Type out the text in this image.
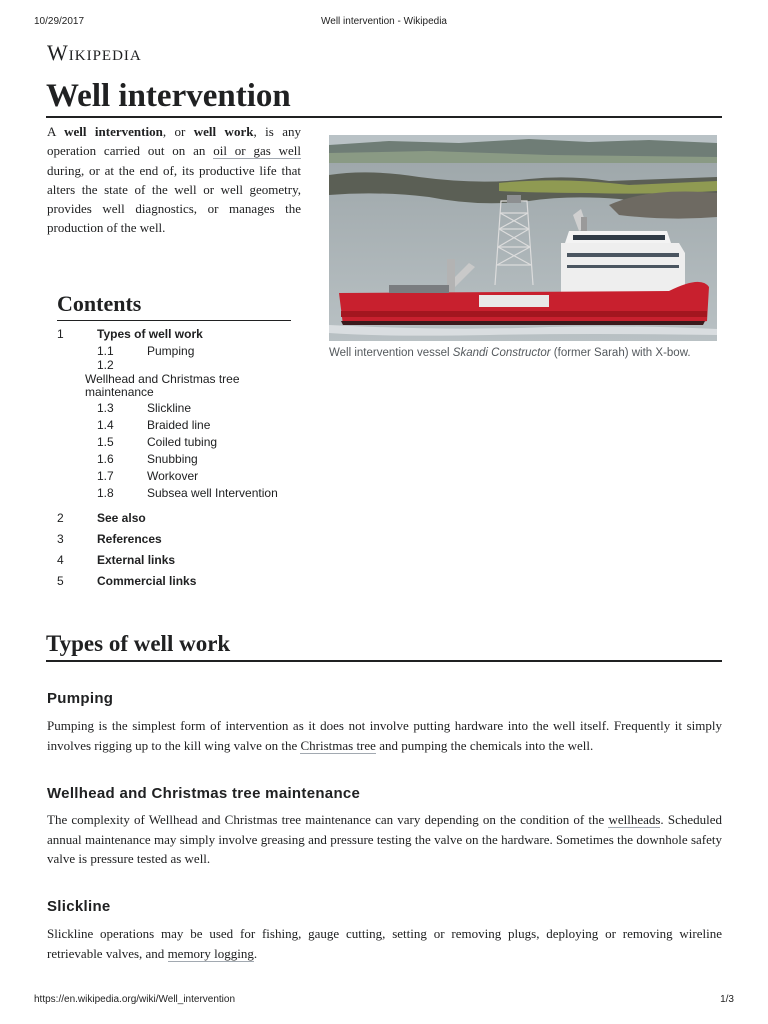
10/29/2017	Well intervention - Wikipedia
Wikipedia
Well intervention

A well intervention, or well work, is any operation carried out on an oil or gas well during, or at the end of, its productive life that alters the state of the well or well geometry, provides well diagnostics, or manages the production of the well.

Well intervention vessel Skandi Constructor (former Sarah) with X-bow.
Contents
1	Types of well work
1.1	Pumping
1.2
Wellhead and Christmas tree maintenance
1.3	Slickline
1.4	Braided line
1.5	Coiled tubing
1.6	Snubbing
1.7	Workover
1.8	Subsea well Intervention
2	See also
3	References
4	External links
5	Commercial links
Types of well work
Pumping

Pumping is the simplest form of intervention as it does not involve putting hardware into the well itself. Frequently it simply involves rigging up to the kill wing valve on the Christmas tree and pumping the chemicals into the well.

Wellhead and Christmas tree maintenance

The complexity of Wellhead and Christmas tree maintenance can vary depending on the condition of the wellheads. Scheduled annual maintenance may simply involve greasing and pressure testing the valve on the hardware. Sometimes the downhole safety valve is pressure tested as well.

Slickline

Slickline operations may be used for fishing, gauge cutting, setting or removing plugs, deploying or removing wireline retrievable valves, and memory logging.

https://en.wikipedia.org/wiki/Well_intervention	1/3
